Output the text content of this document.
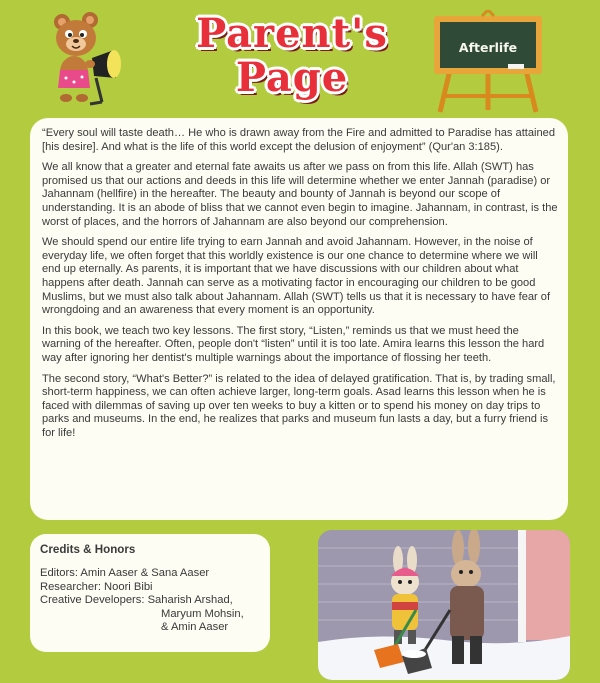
Parent's
Page
Afterlife

“Every soul will taste death… He who is drawn away from the Fire and admitted to Paradise has attained [his desire]. And what is the life of this world except the delusion of enjoyment” (Qur'an 3:185).

We all know that a greater and eternal fate awaits us after we pass on from this life. Allah (SWT) has promised us that our actions and deeds in this life will determine whether we enter Jannah (paradise) or Jahannam (hellfire) in the hereafter. The beauty and bounty of Jannah is beyond our scope of understanding. It is an abode of bliss that we cannot even begin to imagine. Jahannam, in contrast, is the worst of places, and the horrors of Jahannam are also beyond our comprehension.

We should spend our entire life trying to earn Jannah and avoid Jahannam. However, in the noise of everyday life, we often forget that this worldly existence is our one chance to determine where we will end up eternally. As parents, it is important that we have discussions with our children about what happens after death. Jannah can serve as a motivating factor in encouraging our children to be good Muslims, but we must also talk about Jahannam. Allah (SWT) tells us that it is necessary to have fear of wrongdoing and an awareness that every moment is an opportunity.

In this book, we teach two key lessons. The first story, “Listen,” reminds us that we must heed the warning of the hereafter. Often, people don't “listen” until it is too late. Amira learns this lesson the hard way after ignoring her dentist's multiple warnings about the importance of flossing her teeth.

The second story, “What's Better?” is related to the idea of delayed gratification. That is, by trading small, short-term happiness, we can often achieve larger, long-term goals. Asad learns this lesson when he is faced with dilemmas of saving up over ten weeks to buy a kitten or to spend his money on day trips to parks and museums. In the end, he realizes that parks and museum fun lasts a day, but a furry friend is for life!

Credits & Honors
Editors: Amin Aaser & Sana Aaser
Researcher: Noori Bibi
Creative Developers: Saharish Arshad,
Maryum Mohsin,
& Amin Aaser
